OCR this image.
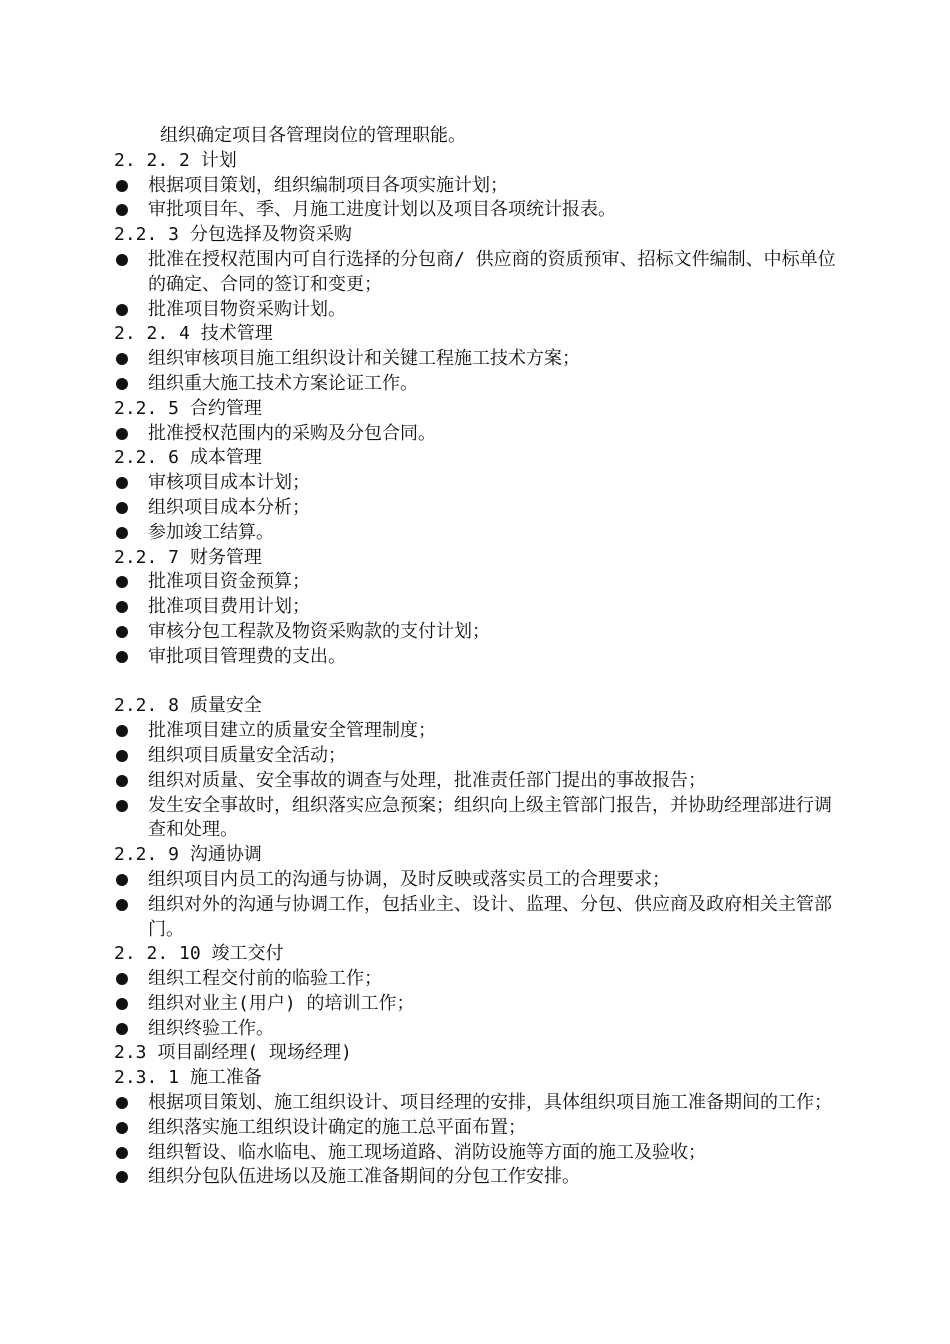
组织确定项目各管理岗位的管理职能。
2. 2. 2 计划
根据项目策划，组织编制项目各项实施计划；
审批项目年、季、月施工进度计划以及项目各项统计报表。
2.2. 3 分包选择及物资采购
批准在授权范围内可自行选择的分包商/ 供应商的资质预审、招标文件编制、中标单位的确定、合同的签订和变更；
批准项目物资采购计划。
2. 2. 4 技术管理
组织审核项目施工组织设计和关键工程施工技术方案；
组织重大施工技术方案论证工作。
2.2. 5 合约管理
批准授权范围内的采购及分包合同。
2.2. 6 成本管理
审核项目成本计划；
组织项目成本分析；
参加竣工结算。
2.2. 7 财务管理
批准项目资金预算；
批准项目费用计划；
审核分包工程款及物资采购款的支付计划；
审批项目管理费的支出。
2.2. 8 质量安全
批准项目建立的质量安全管理制度；
组织项目质量安全活动；
组织对质量、安全事故的调查与处理，批准责任部门提出的事故报告；
发生安全事故时，组织落实应急预案；组织向上级主管部门报告，并协助经理部进行调查和处理。
2.2. 9 沟通协调
组织项目内员工的沟通与协调，及时反映或落实员工的合理要求；
组织对外的沟通与协调工作，包括业主、设计、监理、分包、供应商及政府相关主管部门。
2. 2. 10 竣工交付
组织工程交付前的临验工作；
组织对业主(用户) 的培训工作；
组织终验工作。
2.3 项目副经理( 现场经理)
2.3. 1 施工准备
根据项目策划、施工组织设计、项目经理的安排，具体组织项目施工准备期间的工作；
组织落实施工组织设计确定的施工总平面布置；
组织暂设、临水临电、施工现场道路、消防设施等方面的施工及验收；
组织分包队伍进场以及施工准备期间的分包工作安排。
